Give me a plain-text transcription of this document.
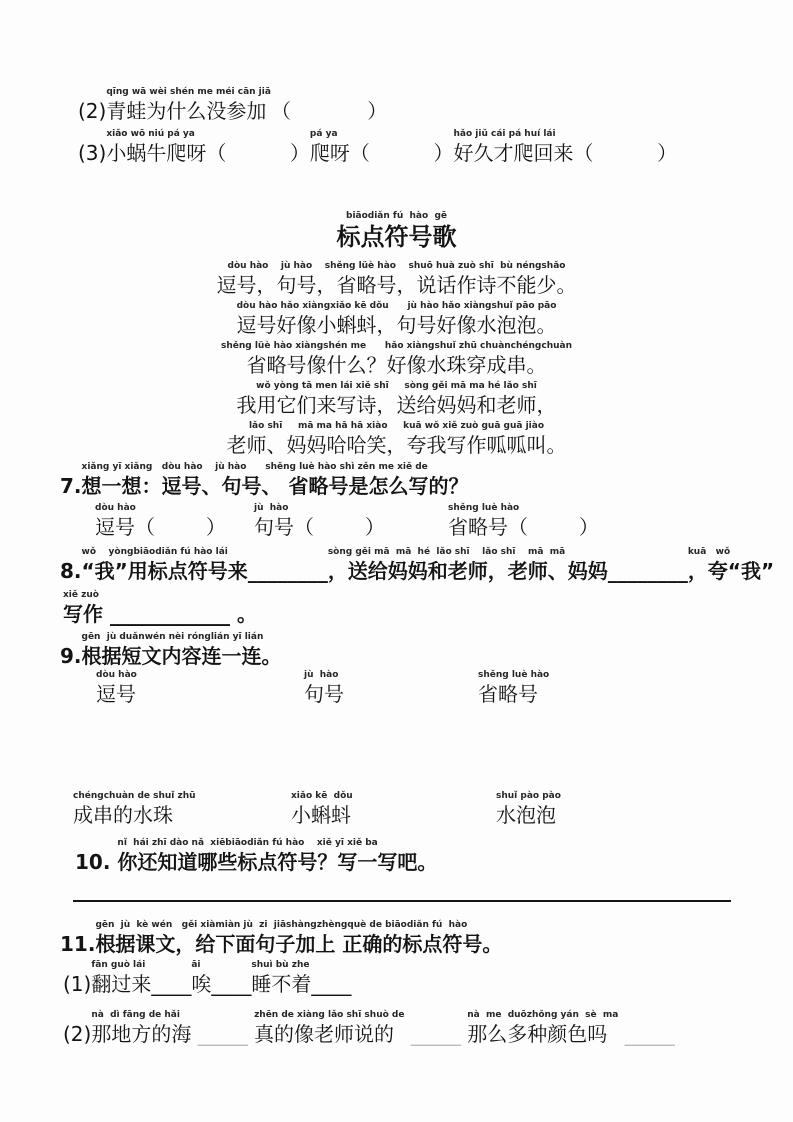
(2)
qīng wā wèi shén me méi cān jiā
青蛙为什么没参加 （            ）
(3)
xiǎo wō niú pá ya
小蜗牛爬呀 （          ）
pá ya
爬呀 （          ）
hǎo jiǔ cái pá huí lái
好久才爬回来 （          ）
biāodiǎn fú  hào  gē
标点符号歌
dòu hào    jù hào    shěng lüè hào    shuō huà zuò shī  bù néngshǎo
逗号，句号，省略号，说话作诗不能少。
dòu hào hǎo xiàngxiǎo kē dǒu      jù hào hǎo xiàngshuǐ pāo pāo
逗号好像小蝌蚪，句号好像水泡泡。
shěng lüè hào xiàngshén me      hǎo xiàngshuǐ zhū chuànchéngchuàn
省略号像什么？好像水珠穿成串。
wǒ yòng tā men lái xiě shī     sòng gěi mā ma hé lǎo shī
我用它们来写诗，送给妈妈和老师，
lǎo shī     mā ma hā hā xiào     kuā wǒ xiě zuò guā guā jiào
老师、妈妈哈哈笑，夸我写作呱呱叫。
7.
xiǎng yī xiǎng   dòu hào    jù hào      shěng luè hào shì zěn me xiě de
想一想：逗号、句号、 省略号是怎么写的？
dòu hào
逗号（        ）
jù  hào
句号（        ）
shěng luè hào
省略号（        ）
8.
wǒ    yòngbiāodiǎn fú hào lái
“我”用标点符号来 ________
sòng gěi mā  mā  hé  lǎo shī    lǎo shī    mā  mā
，送给妈妈和老师，老师、妈妈 ________
kuā   wǒ
，夸“我”
xiě zuò
写作 ____________ 。
9.
gēn  jù duǎnwén nèi rónglián yī lián
根据短文内容连一连。
dòu hào
逗号
jù  hào
句号
shěng luè hào
省略号
chéngchuàn de shuǐ zhū
成串的水珠
xiǎo kē  dǒu
小蝌蚪
shuǐ pào pào
水泡泡
10.
nǐ  hái zhī dào nǎ  xiēbiāodiǎn fú hào    xiě yī xiě ba
你还知道哪些标点符号？写一写吧。
11.
gēn  jù  kè wén   gěi xiàmiàn jù  zi  jiāshàngzhèngquè de biāodiǎn fú  hào
根据课文，给下面句子加上 正确的标点符号。
(1)
fān guò lái
翻过来 ____
āi
唉 ____
shuì bù zhe
睡不着 ____
(2)
nà  dì fāng de hǎi
那地方的海 _____
zhēn de xiàng lǎo shī shuò de
真的像老师说的 _____
nà  me  duōzhǒng yán  sè  ma
那么多种颜色吗 _____
